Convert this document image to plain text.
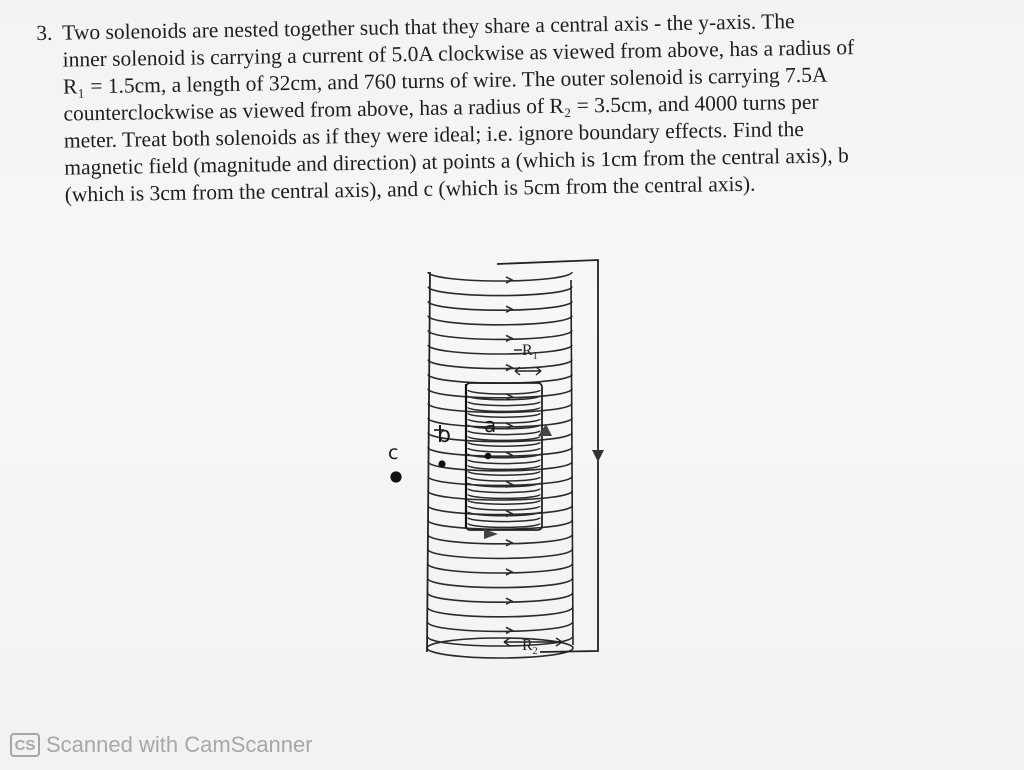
3. Two solenoids are nested together such that they share a central axis - the y-axis. The
inner solenoid is carrying a current of 5.0A clockwise as viewed from above, has a radius of
R₁ = 1.5cm, a length of 32cm, and 760 turns of wire. The outer solenoid is carrying 7.5A
counterclockwise as viewed from above, has a radius of R₂ = 3.5cm, and 4000 turns per
meter. Treat both solenoids as if they were ideal; i.e. ignore boundary effects. Find the
magnetic field (magnitude and direction) at points a (which is 1cm from the central axis), b
(which is 3cm from the central axis), and c (which is 5cm from the central axis).
$R_1$
$R_2$
b a
c
CS Scanned with CamScanner
